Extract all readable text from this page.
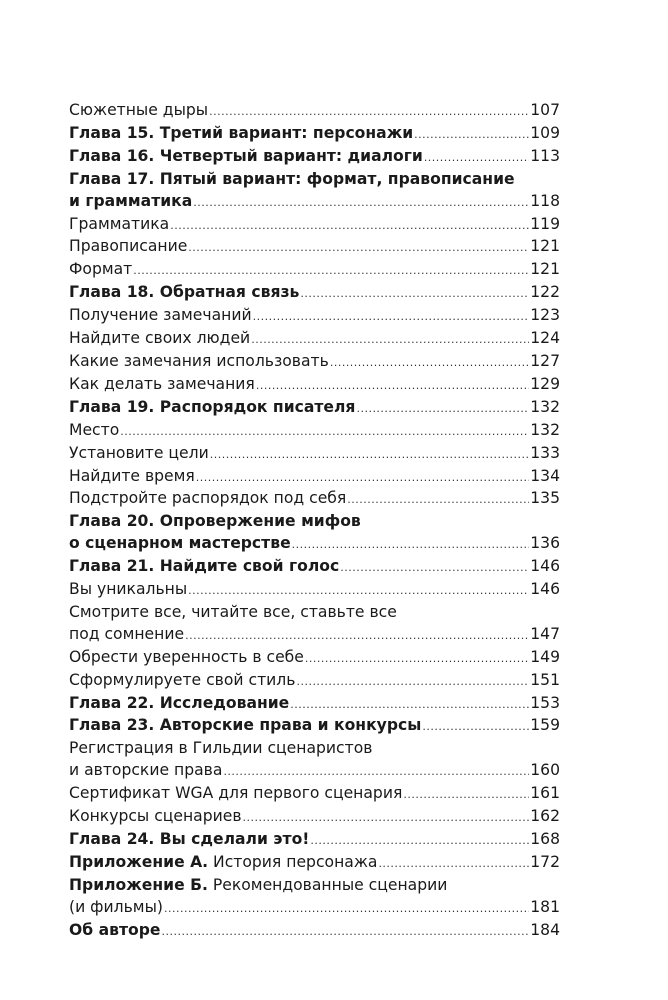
Сюжетные дыры .....	107
Глава 15. Третий вариант: персонажи .....	109
Глава 16. Четвертый вариант: диалоги .....	113
Глава 17. Пятый вариант: формат, правописание
и грамматика .....	118
Грамматика .....	119
Правописание .....	121
Формат .....	121
Глава 18. Обратная связь .....	122
Получение замечаний .....	123
Найдите своих людей .....	124
Какие замечания использовать .....	127
Как делать замечания .....	129
Глава 19. Распорядок писателя .....	132
Место .....	132
Установите цели .....	133
Найдите время .....	134
Подстройте распорядок под себя .....	135
Глава 20. Опровержение мифов
о сценарном мастерстве .....	136
Глава 21. Найдите свой голос .....	146
Вы уникальны .....	146
Смотрите все, читайте все, ставьте все
под сомнение .....	147
Обрести уверенность в себе .....	149
Сформулируете свой стиль .....	151
Глава 22. Исследование .....	153
Глава 23. Авторские права и конкурсы .....	159
Регистрация в Гильдии сценаристов
и авторские права .....	160
Сертификат WGA для первого сценария .....	161
Конкурсы сценариев .....	162
Глава 24. Вы сделали это! .....	168
Приложение А. История персонажа .....	172
Приложение Б. Рекомендованные сценарии
(и фильмы) .....	181
Об авторе .....	184
